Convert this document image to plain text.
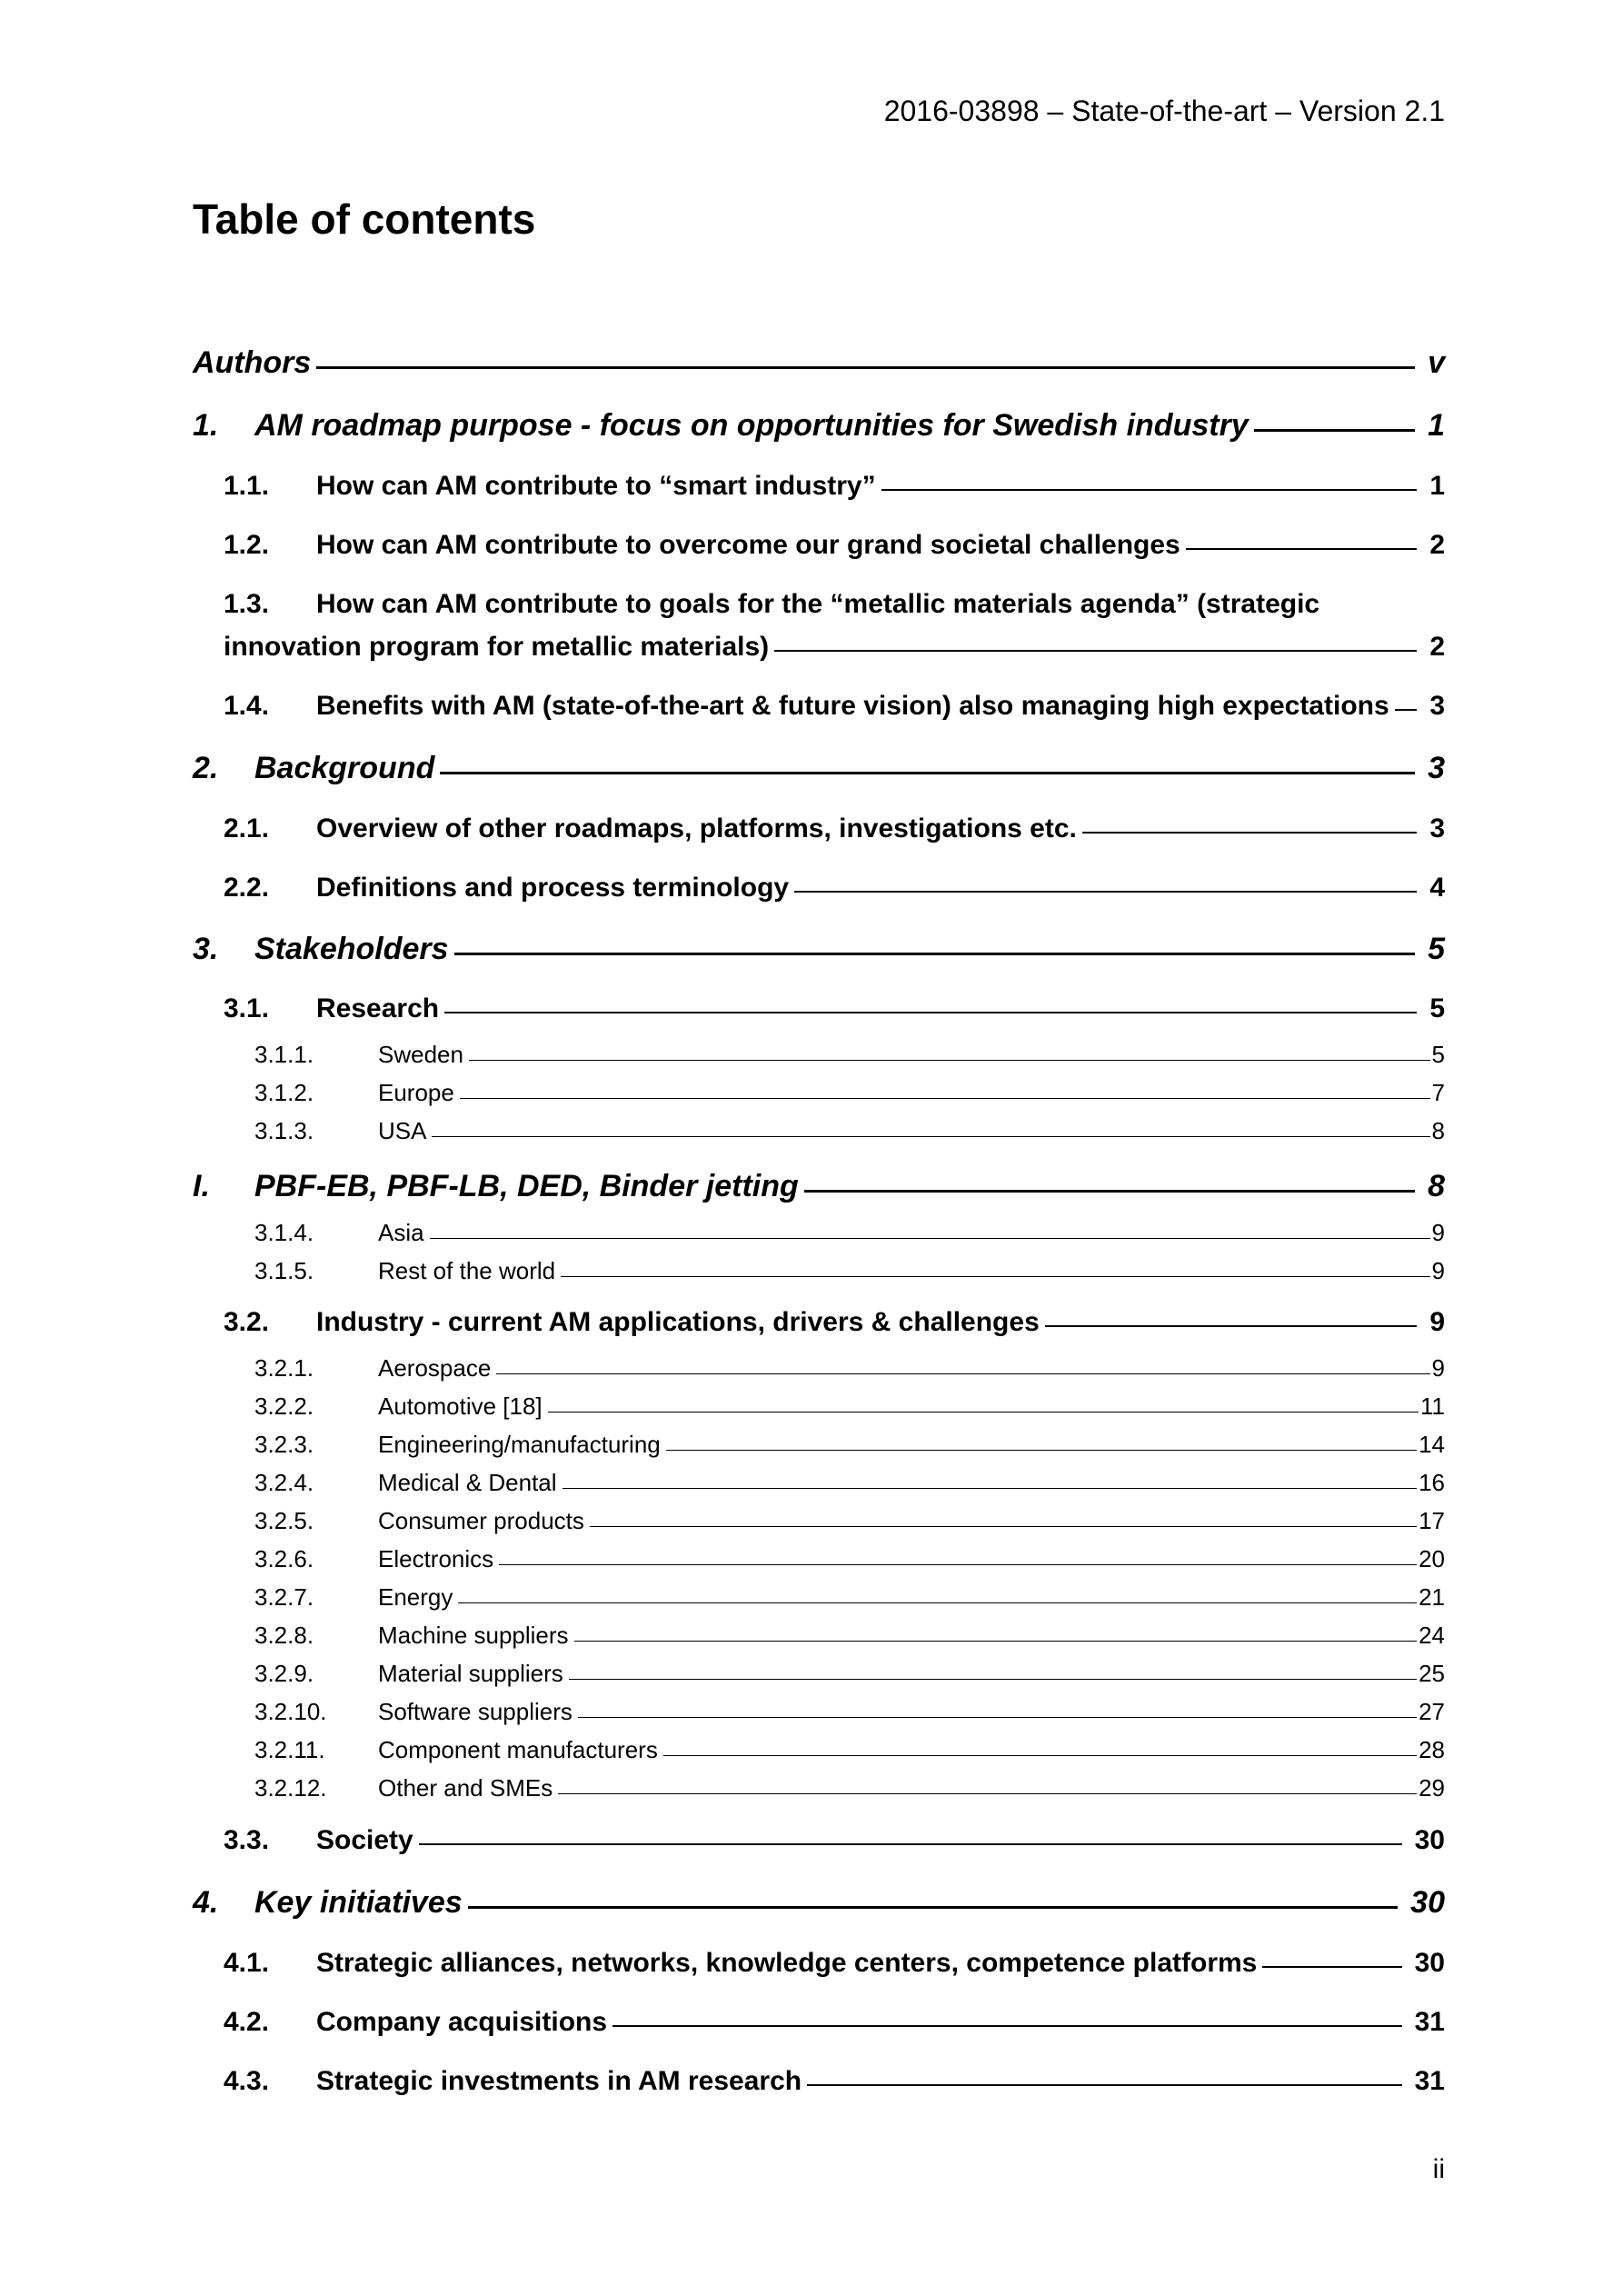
2016-03898 – State-of-the-art – Version 2.1
Table of contents
Authors	v
1.	AM roadmap purpose - focus on opportunities for Swedish industry	1
1.1.	How can AM contribute to “smart industry”	1
1.2.	How can AM contribute to overcome our grand societal challenges	2
1.3. How can AM contribute to goals for the “metallic materials agenda” (strategic
innovation program for metallic materials)	2
1.4.	Benefits with AM (state-of-the-art & future vision) also managing high expectations 3
2.	Background	3
2.1.	Overview of other roadmaps, platforms, investigations etc.	3
2.2.	Definitions and process terminology	4
3.	Stakeholders	5
3.1.	Research	5
3.1.1.	Sweden	5
3.1.2.	Europe	7
3.1.3.	USA	8
I.	PBF-EB, PBF-LB, DED, Binder jetting	8
3.1.4.	Asia	9
3.1.5.	Rest of the world	9
3.2.	Industry - current AM applications, drivers & challenges	9
3.2.1.	Aerospace	9
3.2.2.	Automotive [18]	11
3.2.3.	Engineering/manufacturing	14
3.2.4.	Medical & Dental	16
3.2.5.	Consumer products	17
3.2.6.	Electronics	20
3.2.7.	Energy	21
3.2.8.	Machine suppliers	24
3.2.9.	Material suppliers	25
3.2.10.	Software suppliers	27
3.2.11.	Component manufacturers	28
3.2.12.	Other and SMEs	29
3.3.	Society	30
4.	Key initiatives	30
4.1.	Strategic alliances, networks, knowledge centers, competence platforms	30
4.2.	Company acquisitions	31
4.3.	Strategic investments in AM research	31
ii
